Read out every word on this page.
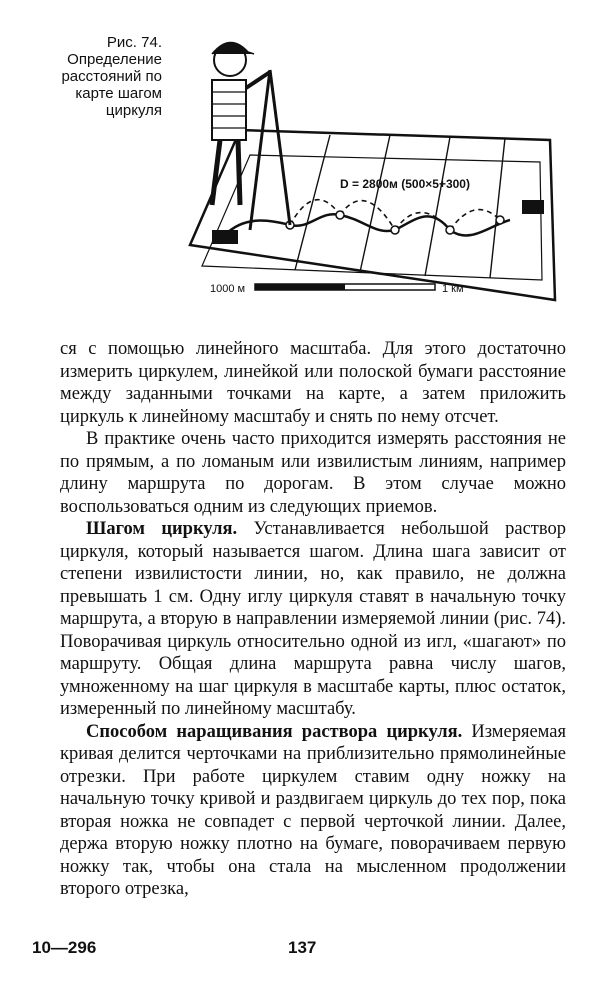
Рис. 74. Определение расстояний по карте шагом циркуля
D = 2800м (500×5+300)
1000 м	1 км

ся с помощью линейного масштаба. Для этого достаточно измерить циркулем, линейкой или полоской бумаги расстояние между заданными точками на карте, а затем приложить циркуль к линейному масштабу и снять по нему отсчет.

В практике очень часто приходится измерять расстояния не по прямым, а по ломаным или извилистым линиям, например длину маршрута по дорогам. В этом случае можно воспользоваться одним из следующих приемов.

Шагом циркуля. Устанавливается небольшой раствор циркуля, который называется шагом. Длина шага зависит от степени извилистости линии, но, как правило, не должна превышать 1 см. Одну иглу циркуля ставят в начальную точку маршрута, а вторую в направлении измеряемой линии (рис. 74). Поворачивая циркуль относительно одной из игл, «шагают» по маршруту. Общая длина маршрута равна числу шагов, умноженному на шаг циркуля в масштабе карты, плюс остаток, измеренный по линейному масштабу.

Способом наращивания раствора циркуля. Измеряемая кривая делится черточками на приблизительно прямолинейные отрезки. При работе циркулем ставим одну ножку на начальную точку кривой и раздвигаем циркуль до тех пор, пока вторая ножка не совпадет с первой черточкой линии. Далее, держа вторую ножку плотно на бумаге, поворачиваем первую ножку так, чтобы она стала на мысленном продолжении второго отрезка,

10—296	137
